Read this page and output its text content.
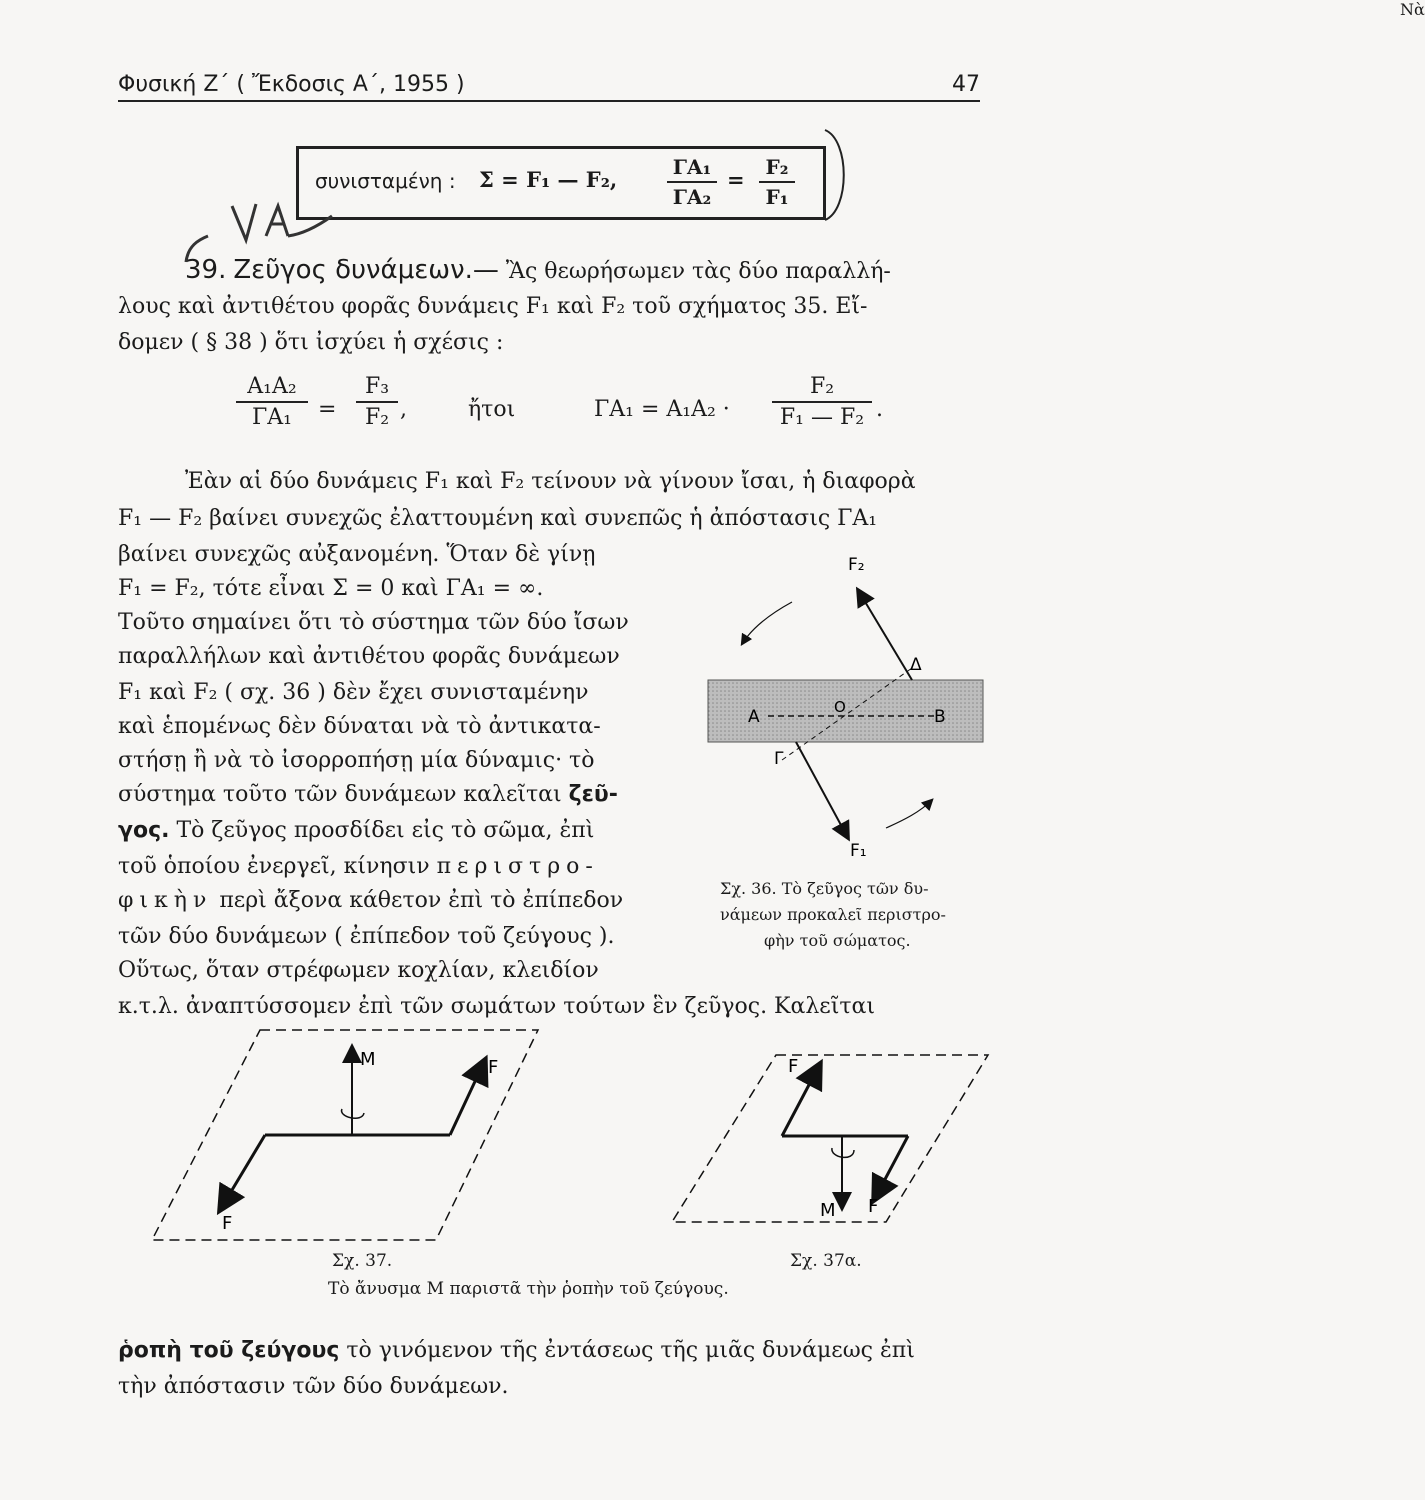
Φυσική Ζ΄ ( Ἔκδοσις Α΄, 1955 )	47
συνισταμένη : Σ = F₁ — F₂,	ΓΑ₁
ΓΑ₂
=	F₂
F₁
Νὰ
39. Ζεῦγος δυνάμεων.— Ἂς θεωρήσωμεν τὰς δύο παραλλή-
λους καὶ ἀντιθέτου φορᾶς δυνάμεις F₁ καὶ F₂ τοῦ σχήματος 35. Εἴ-
δομεν ( § 38 ) ὅτι ἰσχύει ἡ σχέσις :
Α₁Α₂
ΓΑ₁	=
F₃
F₂ ,	ἤτοι	ΓΑ₁ = Α₁Α₂ ·
F₂
F₁ — F₂ .
Ἐὰν αἱ δύο δυνάμεις F₁ καὶ F₂ τείνουν νὰ γίνουν ἴσαι, ἡ διαφορὰ
F₁ — F₂ βαίνει συνεχῶς ἐλαττουμένη καὶ συνεπῶς ἡ ἀπόστασις ΓΑ₁
βαίνει συνεχῶς αὐξανομένη. Ὅταν δὲ γίνῃ
F₁ = F₂, τότε εἶναι Σ = 0 καὶ ΓΑ₁ = ∞.
Τοῦτο σημαίνει ὅτι τὸ σύστημα τῶν δύο ἴσων
παραλλήλων καὶ ἀντιθέτου φορᾶς δυνάμεων
F₁ καὶ F₂ ( σχ. 36 ) δὲν ἔχει συνισταμένην
καὶ ἑπομένως δὲν δύναται νὰ τὸ ἀντικατα-
στήσῃ ἢ νὰ τὸ ἰσορροπήσῃ μία δύναμις· τὸ
σύστημα τοῦτο τῶν δυνάμεων καλεῖται ζεῦ-
γος. Τὸ ζεῦγος προσδίδει εἰς τὸ σῶμα, ἐπὶ
τοῦ ὁποίου ἐνεργεῖ, κίνησιν περιστρο-
φικὴν περὶ ἄξονα κάθετον ἐπὶ τὸ ἐπίπεδον
τῶν δύο δυνάμεων ( ἐπίπεδον τοῦ ζεύγους ).
Οὕτως, ὅταν στρέφωμεν κοχλίαν, κλειδίον
κ.τ.λ. ἀναπτύσσομεν ἐπὶ τῶν σωμάτων τούτων ἓν ζεῦγος. Καλεῖται
F₂
Δ
Α	Ο	Β
Γ
F₁
Σχ. 36. Τὸ ζεῦγος τῶν δυ-
νάμεων προκαλεῖ περιστρο-
φὴν τοῦ σώματος.
M	F
F
Σχ. 37.
F
M F
Σχ. 37α.
Τὸ ἄνυσμα Μ παριστᾶ τὴν ῥοπὴν τοῦ ζεύγους.
ῥοπὴ τοῦ ζεύγους τὸ γινόμενον τῆς ἐντάσεως τῆς μιᾶς δυνάμεως ἐπὶ
τὴν ἀπόστασιν τῶν δύο δυνάμεων.
